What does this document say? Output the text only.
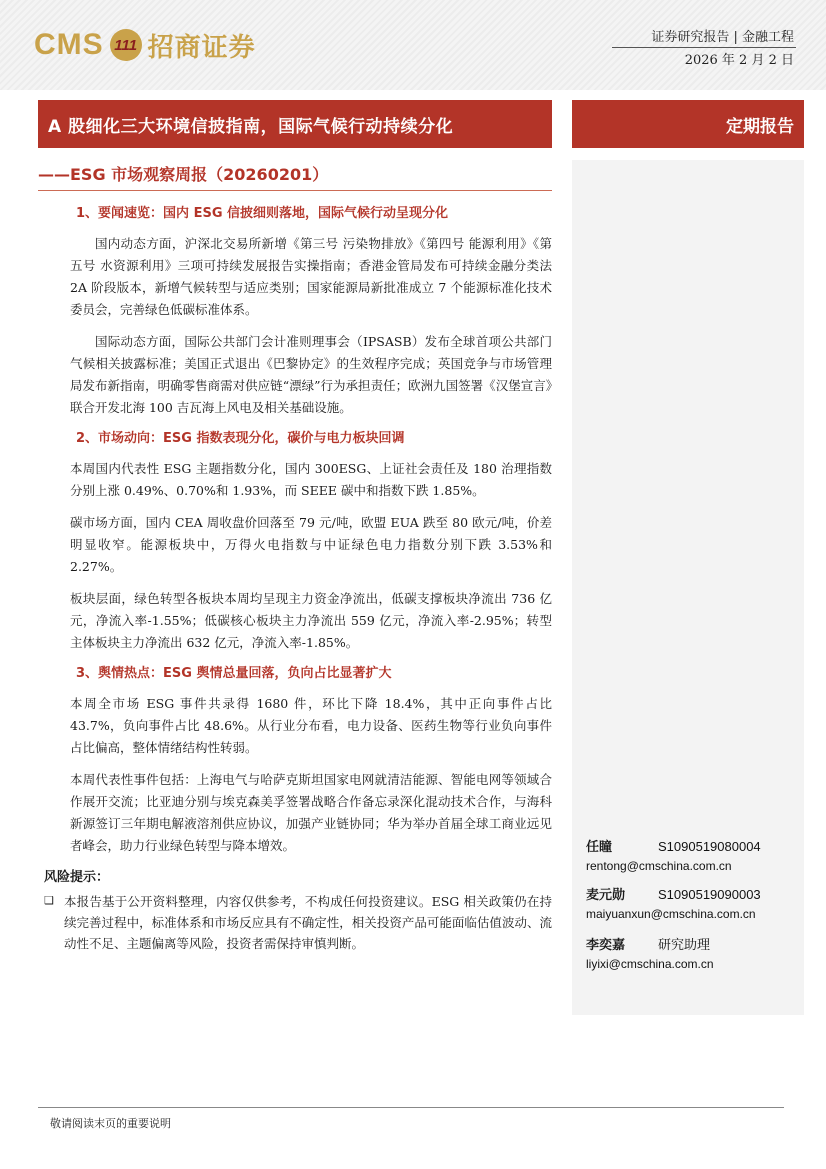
CMS 111 招商证券	证券研究报告 | 金融工程
2026 年 2 月 2 日
A 股细化三大环境信披指南，国际气候行动持续分化	定期报告
——ESG 市场观察周报（20260201）
1、要闻速览：国内 ESG 信披细则落地，国际气候行动呈现分化

国内动态方面，沪深北交易所新增《第三号 污染物排放》《第四号 能源利用》《第五号 水资源利用》三项可持续发展报告实操指南；香港金管局发布可持续金融分类法 2A 阶段版本，新增气候转型与适应类别；国家能源局新批准成立 7 个能源标准化技术委员会，完善绿色低碳标准体系。

国际动态方面，国际公共部门会计准则理事会（IPSASB）发布全球首项公共部门气候相关披露标准；美国正式退出《巴黎协定》的生效程序完成；英国竞争与市场管理局发布新指南，明确零售商需对供应链“漂绿”行为承担责任；欧洲九国签署《汉堡宣言》联合开发北海 100 吉瓦海上风电及相关基础设施。

2、市场动向：ESG 指数表现分化，碳价与电力板块回调

本周国内代表性 ESG 主题指数分化，国内 300ESG、上证社会责任及 180 治理指数分别上涨 0.49%、0.70%和 1.93%，而 SEEE 碳中和指数下跌 1.85%。

碳市场方面，国内 CEA 周收盘价回落至 79 元/吨，欧盟 EUA 跌至 80 欧元/吨，价差明显收窄。能源板块中，万得火电指数与中证绿色电力指数分别下跌 3.53%和 2.27%。

板块层面，绿色转型各板块本周均呈现主力资金净流出，低碳支撑板块净流出 736 亿元，净流入率-1.55%；低碳核心板块主力净流出 559 亿元，净流入率-2.95%；转型主体板块主力净流出 632 亿元，净流入率-1.85%。

3、舆情热点：ESG 舆情总量回落，负向占比显著扩大

本周全市场 ESG 事件共录得 1680 件，环比下降 18.4%，其中正向事件占比 43.7%，负向事件占比 48.6%。从行业分布看，电力设备、医药生物等行业负向事件占比偏高，整体情绪结构性转弱。

本周代表性事件包括：上海电气与哈萨克斯坦国家电网就清洁能源、智能电网等领域合作展开交流；比亚迪分别与埃克森美孚签署战略合作备忘录深化混动技术合作，与海科新源签订三年期电解液溶剂供应协议，加强产业链协同；华为举办首届全球工商业远见者峰会，助力行业绿色转型与降本增效。

风险提示：
❑ 本报告基于公开资料整理，内容仅供参考，不构成任何投资建议。ESG 相关政策仍在持续完善过程中，标准体系和市场反应具有不确定性，相关投资产品可能面临估值波动、流动性不足、主题偏离等风险，投资者需保持审慎判断。
任瞳	S1090519080004
rentong@cmschina.com.cn
麦元勋	S1090519090003
maiyuanxun@cmschina.com.cn
李奕嘉	研究助理
liyixi@cmschina.com.cn
敬请阅读末页的重要说明
